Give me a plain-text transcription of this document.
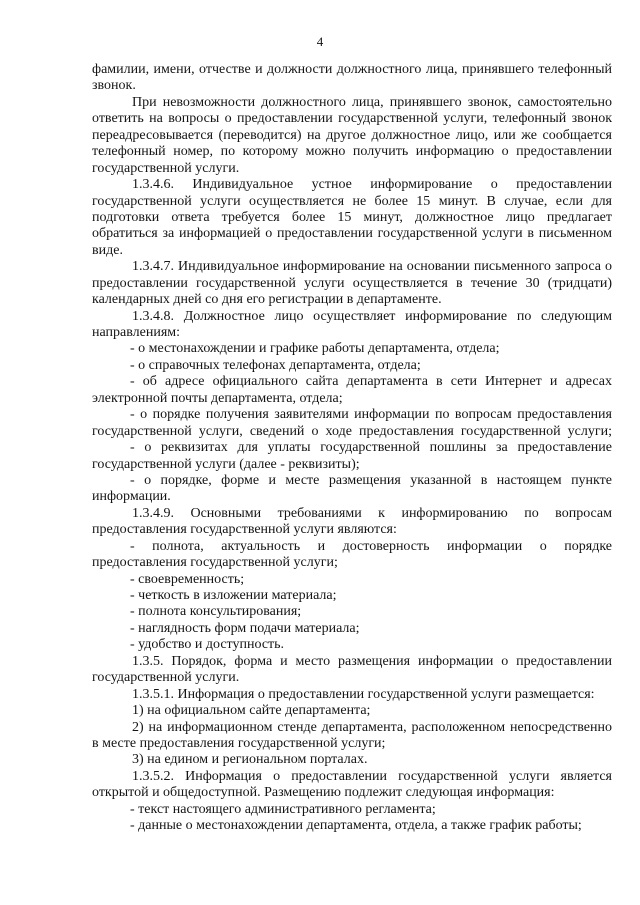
4
фамилии, имени, отчестве и должности должностного лица, принявшего телефонный
звонок.
При невозможности должностного лица, принявшего звонок, самостоятельно
ответить на вопросы о предоставлении государственной услуги, телефонный звонок
переадресовывается (переводится) на другое должностное лицо, или же сообщается
телефонный номер, по которому можно получить информацию о предоставлении
государственной услуги.
1.3.4.6. Индивидуальное устное информирование о предоставлении
государственной услуги осуществляется не более 15 минут. В случае, если для
подготовки ответа требуется более 15 минут, должностное лицо предлагает
обратиться за информацией о предоставлении государственной услуги в письменном
виде.
1.3.4.7. Индивидуальное информирование на основании письменного запроса о
предоставлении государственной услуги осуществляется в течение 30 (тридцати)
календарных дней со дня его регистрации в департаменте.
1.3.4.8. Должностное лицо осуществляет информирование по следующим
направлениям:
- о местонахождении и графике работы департамента, отдела;
- о справочных телефонах департамента, отдела;
- об адресе официального сайта департамента в сети Интернет и адресах
электронной почты департамента, отдела;
- о порядке получения заявителями информации по вопросам предоставления
государственной услуги, сведений о ходе предоставления государственной услуги;
- о реквизитах для уплаты государственной пошлины за предоставление
государственной услуги (далее - реквизиты);
- о порядке, форме и месте размещения указанной в настоящем пункте
информации.
1.3.4.9. Основными требованиями к информированию по вопросам
предоставления государственной услуги являются:
- полнота, актуальность и достоверность информации о порядке
предоставления государственной услуги;
- своевременность;
- четкость в изложении материала;
- полнота консультирования;
- наглядность форм подачи материала;
- удобство и доступность.
1.3.5. Порядок, форма и место размещения информации о предоставлении
государственной услуги.
1.3.5.1. Информация о предоставлении государственной услуги размещается:
1) на официальном сайте департамента;
2) на информационном стенде департамента, расположенном непосредственно
в месте предоставления государственной услуги;
3) на едином и региональном порталах.
1.3.5.2. Информация о предоставлении государственной услуги является
открытой и общедоступной. Размещению подлежит следующая информация:
- текст настоящего административного регламента;
- данные о местонахождении департамента, отдела, а также график работы;
